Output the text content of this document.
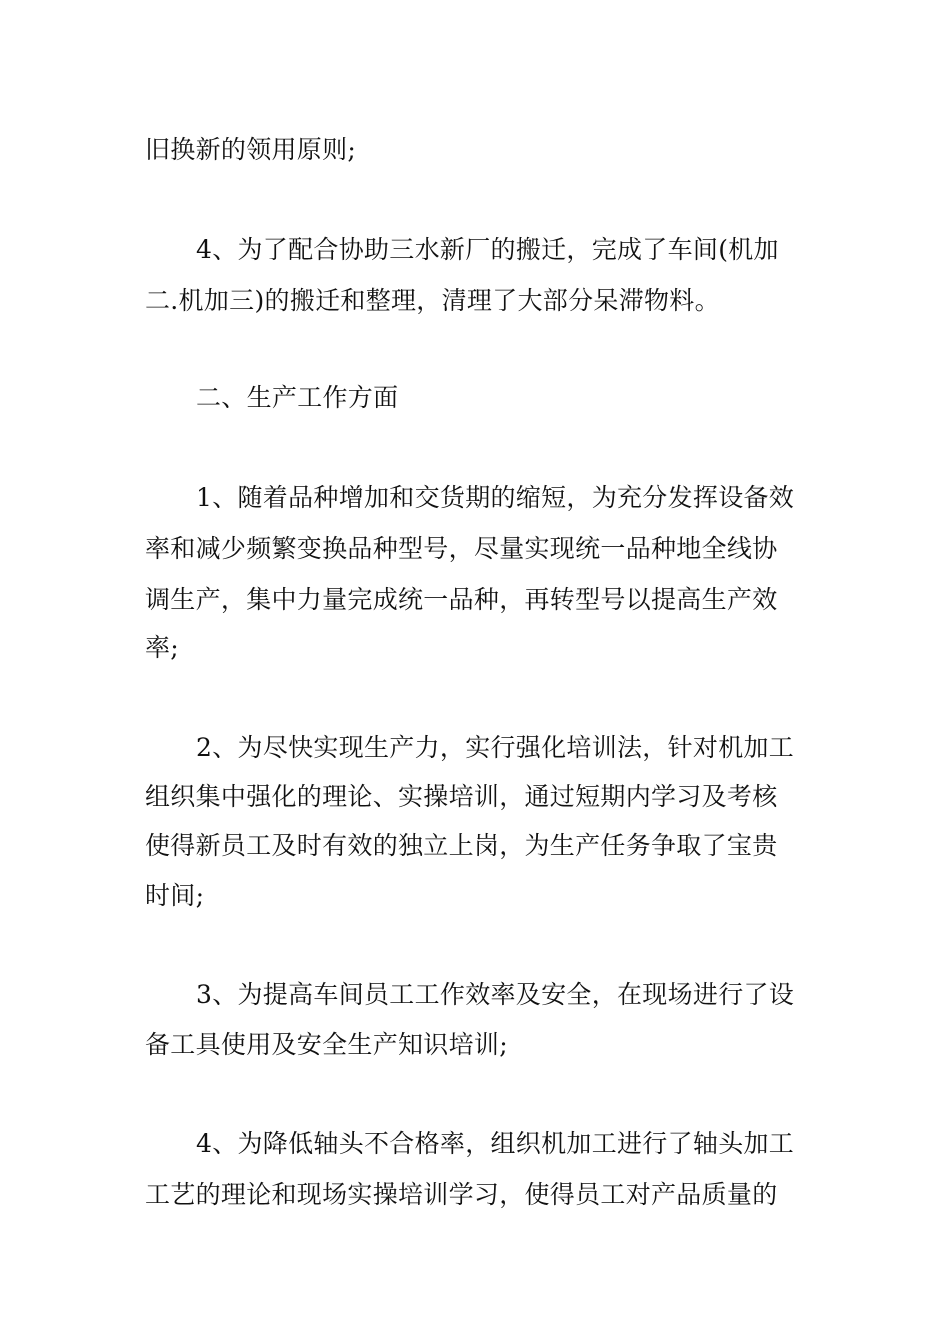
旧换新的领用原则;
4、为了配合协助三水新厂的搬迁，完成了车间(机加
二.机加三)的搬迁和整理，清理了大部分呆滞物料。
二、生产工作方面
1、随着品种增加和交货期的缩短，为充分发挥设备效
率和减少频繁变换品种型号，尽量实现统一品种地全线协
调生产，集中力量完成统一品种，再转型号以提高生产效
率;
2、为尽快实现生产力，实行强化培训法，针对机加工
组织集中强化的理论、实操培训，通过短期内学习及考核
使得新员工及时有效的独立上岗，为生产任务争取了宝贵
时间;
3、为提高车间员工工作效率及安全，在现场进行了设
备工具使用及安全生产知识培训;
4、为降低轴头不合格率，组织机加工进行了轴头加工
工艺的理论和现场实操培训学习，使得员工对产品质量的
